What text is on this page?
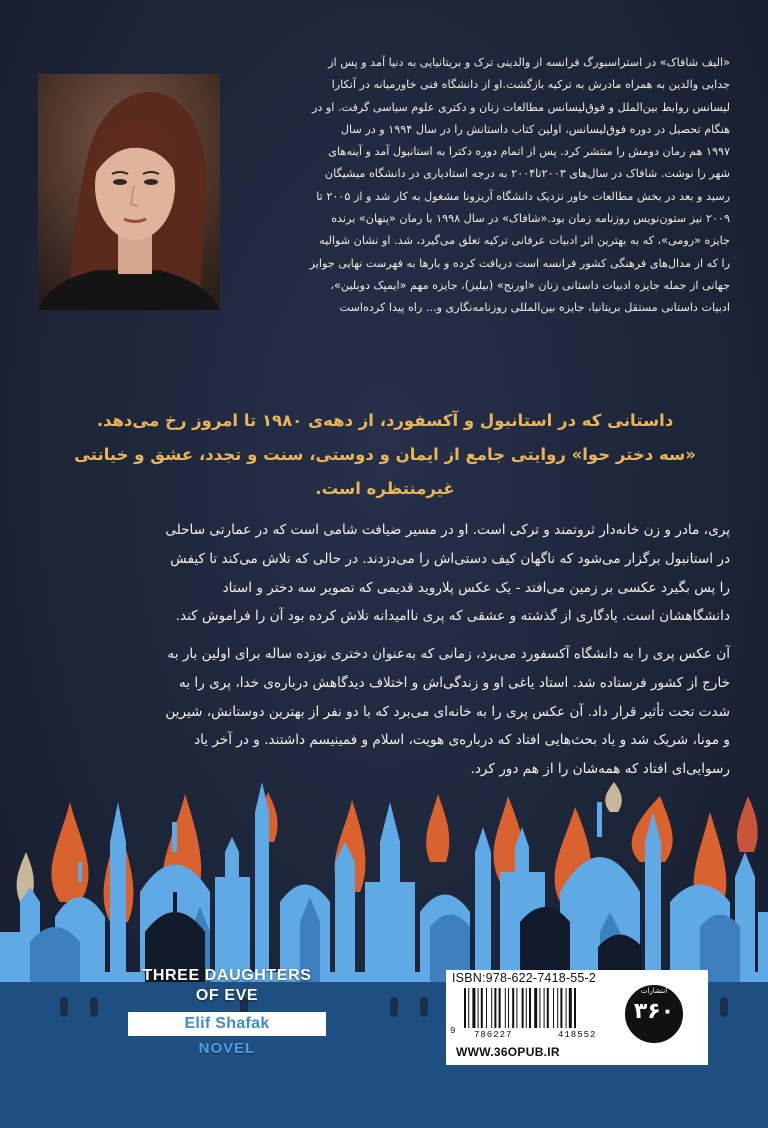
«الیف شافاک» در استراسبورگ فرانسه از والدینی ترک و بریتانیایی به دنیا آمد و پس از

جدایی والدین به همراه مادرش به ترکیه بازگشت.او از دانشگاه فنی خاورمیانه در آنکارا

لیسانس روابط بین‌الملل و فوق‌لیسانس مطالعات زنان و دکتری علوم سیاسی گرفت. او در

هنگام تحصیل در دوره فوق‌لیسانس، اولین کتاب داستانش را در سال ۱۹۹۴ و در سال

۱۹۹۷ هم رمان دومش را منتشر کرد. پس از اتمام دوره دکترا به استانبول آمد و آینه‌های

شهر را نوشت. شافاک در سال‌های ۲۰۰۳تا۲۰۰۴ به درجه استادیاری در دانشگاه میشیگان

رسید و بعد در بخش مطالعات خاور نزدیک دانشگاه آریزونا مشغول به کار شد و از ۲۰۰۵ تا

۲۰۰۹ نیز ستون‌نویس روزنامه زمان بود.«شافاک» در سال ۱۹۹۸ با رمان «پنهان» برنده

جایزه «رومی»، که به بهترین اثر ادبیات عرفانی ترکیه تعلق می‌گیرد، شد. او نشان شوالیه

را که از مدال‌های فرهنگی کشور فرانسه است دریافت کرده و بارها به فهرست نهایی جوایز

جهانی از جمله جایزه ادبیات داستانی زنان «اورنج» (بیلیز)، جایزه مهم «ایمپک دوبلین»،

ادبیات داستانی مستقل بریتانیا، جایزه بین‌المللی روزنامه‌نگاری و... راه پیدا کرده‌است

داستانی که در استانبول و آکسفورد، از دهه‌ی ۱۹۸۰ تا امروز رخ می‌دهد.

«سه دختر حوا» روایتی جامع از ایمان و دوستی، سنت و تجدد، عشق و خیانتی

غیرمنتظره است.

پری، مادر و زن خانه‌دار ثروتمند و ترکی است. او در مسیر ضیافت شامی است که در عمارتی ساحلی

در استانبول برگزار می‌شود که ناگهان کیف دستی‌اش را می‌دزدند. در حالی که تلاش می‌کند تا کیفش

را پس بگیرد عکسی بر زمین می‌افتد - یک عکس پلاروید قدیمی که تصویر سه دختر و استاد

دانشگاهشان است. یادگاری از گذشته و عشقی که پری ناامیدانه تلاش کرده بود آن را فراموش کند.

آن عکس پری را به دانشگاه آکسفورد می‌برد، زمانی که به‌عنوان دختری نوزده ساله برای اولین بار به

خارج از کشور فرستاده شد. استاد یاغی او و زندگی‌اش و اختلاف دیدگاهش درباره‌ی خدا، پری را به

شدت تحت تأثیر قرار داد. آن عکس پری را به خانه‌ای می‌برد که با دو نفر از بهترین دوستانش، شیرین

و مونا، شریک شد و یاد بحث‌هایی افتاد که درباره‌ی هویت، اسلام و فمینیسم داشتند. و در آخر یاد

رسوایی‌ای افتاد که همه‌شان را از هم دور کرد.

THREE DAUGHTERS
OF EVE
Elif Shafak
NOVEL
ISBN:978-622-7418-55-2
9 786227	418552
WWW.36OPUB.IR
انتشارات
۳۶۰
